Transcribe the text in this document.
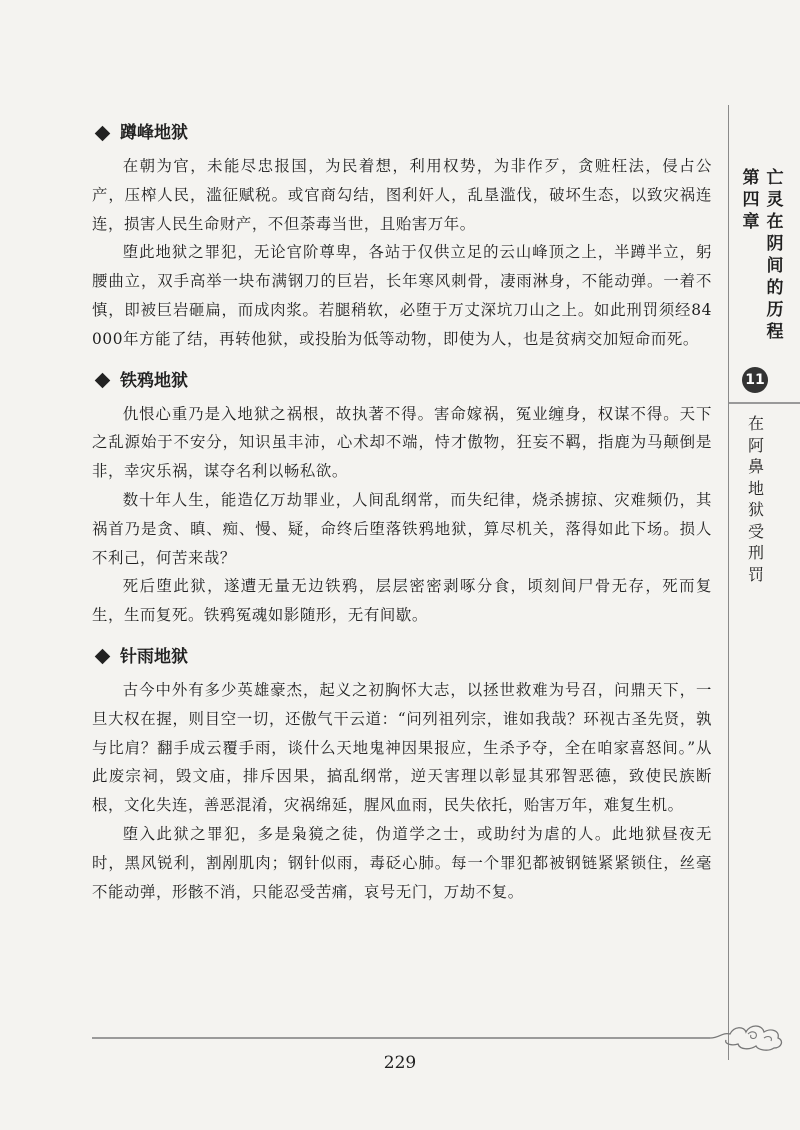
蹲峰地狱

在朝为官，未能尽忠报国，为民着想，利用权势，为非作歹，贪赃枉法，侵占公产，压榨人民，滥征赋税。或官商勾结，图利奸人，乱垦滥伐，破坏生态，以致灾祸连连，损害人民生命财产，不但荼毒当世，且贻害万年。

堕此地狱之罪犯，无论官阶尊卑，各站于仅供立足的云山峰顶之上，半蹲半立，躬腰曲立，双手高举一块布满钢刀的巨岩，长年寒风刺骨，凄雨淋身，不能动弹。一着不慎，即被巨岩砸扁，而成肉浆。若腿稍软，必堕于万丈深坑刀山之上。如此刑罚须经84 000年方能了结，再转他狱，或投胎为低等动物，即使为人，也是贫病交加短命而死。

铁鸦地狱

仇恨心重乃是入地狱之祸根，故执著不得。害命嫁祸，冤业缠身，权谋不得。天下之乱源始于不安分，知识虽丰沛，心术却不端，恃才傲物，狂妄不羁，指鹿为马颠倒是非，幸灾乐祸，谋夺名利以畅私欲。

数十年人生，能造亿万劫罪业，人间乱纲常，而失纪律，烧杀掳掠、灾难频仍，其祸首乃是贪、瞋、痴、慢、疑，命终后堕落铁鸦地狱，算尽机关，落得如此下场。损人不利己，何苦来哉？

死后堕此狱，遂遭无量无边铁鸦，层层密密剥啄分食，顷刻间尸骨无存，死而复生，生而复死。铁鸦冤魂如影随形，无有间歇。

针雨地狱

古今中外有多少英雄豪杰，起义之初胸怀大志，以拯世救难为号召，问鼎天下，一旦大权在握，则目空一切，还傲气干云道：“问列祖列宗，谁如我哉？环视古圣先贤，孰与比肩？翻手成云覆手雨，谈什么天地鬼神因果报应，生杀予夺，全在咱家喜怒间。”从此废宗祠，毁文庙，排斥因果，搞乱纲常，逆天害理以彰显其邪智恶德，致使民族断根，文化失连，善恶混淆，灾祸绵延，腥风血雨，民失依托，贻害万年，难复生机。

堕入此狱之罪犯，多是枭獍之徒，伪道学之士，或助纣为虐的人。此地狱昼夜无时，黑风锐利，割剐肌肉；钢针似雨，毒砭心肺。每一个罪犯都被钢链紧紧锁住，丝毫不能动弹，形骸不消，只能忍受苦痛，哀号无门，万劫不复。

第
四
章
亡
灵
在
阴
间
的
历
程
11
在
阿
鼻
地
狱
受
刑
罚
229
